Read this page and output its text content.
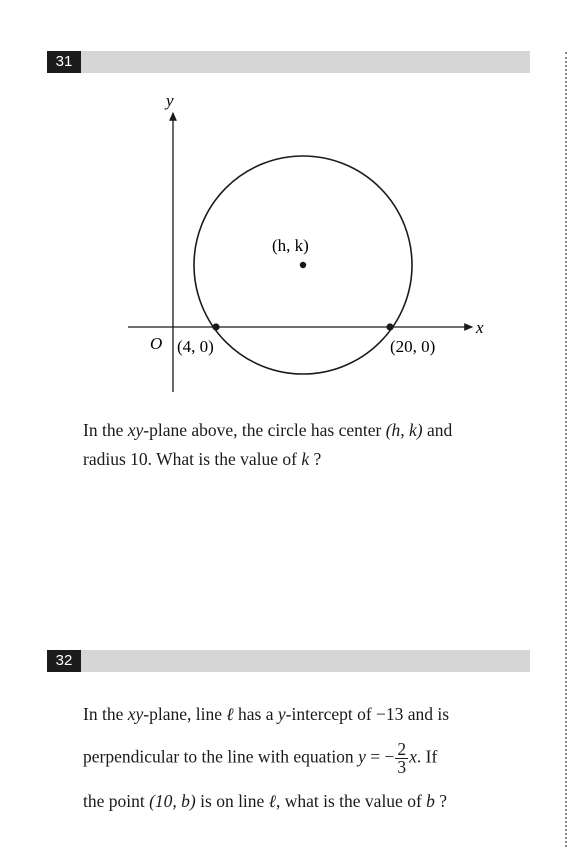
31
y
x
O
(h, k)
(4, 0)	(20, 0)
In the xy-plane above, the circle has center (h, k) and
radius 10. What is the value of k ?
32
In the xy-plane, line ℓ has a y-intercept of −13 and is
perpendicular to the line with equation y = − $\frac{2}{3} x$. If
the point (10, b) is on line ℓ, what is the value of b ?
